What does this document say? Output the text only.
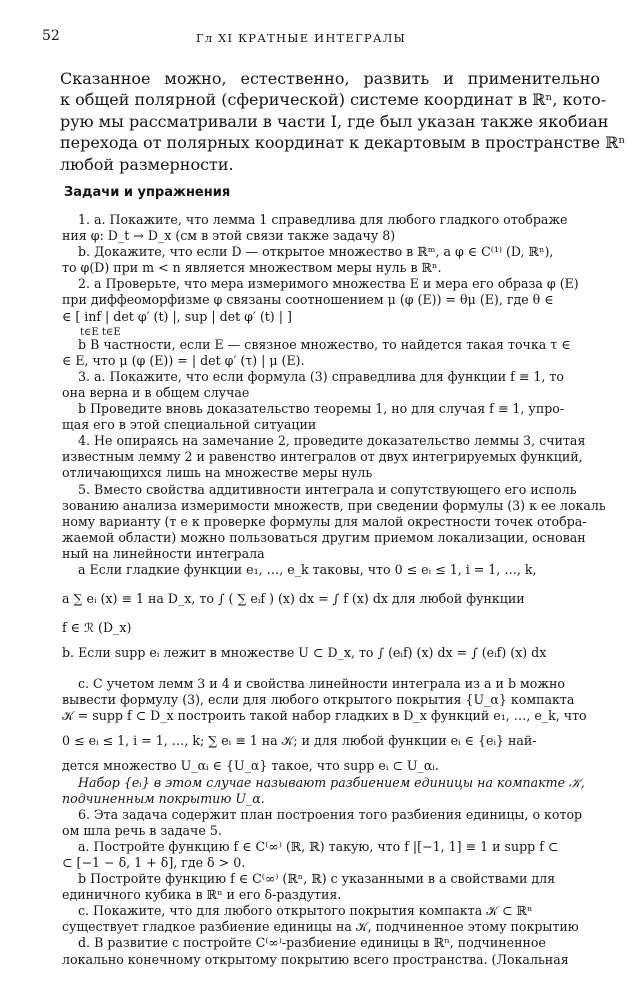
52	Гл XI КРАТНЫЕ ИНТЕГРАЛЫ
Сказанное можно, естественно, развить и применительно
к общей полярной (сферической) системе координат в ℝⁿ, кото-
рую мы рассматривали в части I, где был указан также якобиан
перехода от полярных координат к декартовым в пространстве ℝⁿ
любой размерности.
Задачи и упражнения
1. a. Покажите, что лемма 1 справедлива для любого гладкого отображе
ния φ: D_t → D_x (см в этой связи также задачу 8)
b. Докажите, что если D — открытое множество в ℝᵐ, а φ ∈ C⁽¹⁾ (D, ℝⁿ),
то φ(D) при m < n является множеством меры нуль в ℝⁿ.
2. a Проверьте, что мера измеримого множества E и мера его образа φ (E)
при диффеоморфизме φ связаны соотношением μ (φ (E)) = θμ (E), где θ ∈
∈ [ inf | det φ′ (t) |, sup | det φ′ (t) | ]
t∈E t∈E
b В частности, если E — связное множество, то найдется такая точка τ ∈
∈ E, что μ (φ (E)) = | det φ′ (τ) | μ (E).
3. a. Покажите, что если формула (3) справедлива для функции f ≡ 1, то
она верна и в общем случае
b Проведите вновь доказательство теоремы 1, но для случая f ≡ 1, упро-
щая его в этой специальной ситуации
4. Не опираясь на замечание 2, проведите доказательство леммы 3, считая
известным лемму 2 и равенство интегралов от двух интегрируемых функций,
отличающихся лишь на множестве меры нуль
5. Вместо свойства аддитивности интеграла и сопутствующего его исполь
зованию анализа измеримости множеств, при сведении формулы (3) к ее локаль
ному варианту (т е к проверке формулы для малой окрестности точек отобра-
жаемой области) можно пользоваться другим приемом локализации, основан
ный на линейности интеграла
a Если гладкие функции e₁, …, e_k таковы, что 0 ≤ eᵢ ≤ 1, i = 1, …, k,
а ∑ eᵢ (x) ≡ 1 на D_x, то ∫ ( ∑ eᵢf ) (x) dx = ∫ f (x) dx для любой функции
f ∈ ℛ (D_x)
b. Если supp eᵢ лежит в множестве U ⊂ D_x, то ∫ (eᵢf) (x) dx = ∫ (eᵢf) (x) dx
c. С учетом лемм 3 и 4 и свойства линейности интеграла из a и b можно
вывести формулу (3), если для любого открытого покрытия {U_α} компакта
𝒦 = supp f ⊂ D_x построить такой набор гладких в D_x функций e₁, …, e_k, что
0 ≤ eᵢ ≤ 1, i = 1, …, k; ∑ eᵢ ≡ 1 на 𝒦; и для любой функции eᵢ ∈ {eᵢ} най-
дется множество U_αᵢ ∈ {U_α} такое, что supp eᵢ ⊂ U_αᵢ.
Набор {eᵢ} в этом случае называют разбиением единицы на компакте 𝒦,
подчиненным покрытию U_α.
6. Эта задача содержит план построения того разбиения единицы, о котор
ом шла речь в задаче 5.
a. Постройте функцию f ∈ C⁽∞⁾ (ℝ, ℝ) такую, что f |[−1, 1] ≡ 1 и supp f ⊂
⊂ [−1 − δ, 1 + δ], где δ > 0.
b Постройте функцию f ∈ C⁽∞⁾ (ℝⁿ, ℝ) с указанными в a свойствами для
единичного кубика в ℝⁿ и его δ-раздутия.
c. Покажите, что для любого открытого покрытия компакта 𝒦 ⊂ ℝⁿ
существует гладкое разбиение единицы на 𝒦, подчиненное этому покрытию
d. В развитие c постройте C⁽∞⁾-разбиение единицы в ℝⁿ, подчиненное
локально конечному открытому покрытию всего пространства. (Локальная
